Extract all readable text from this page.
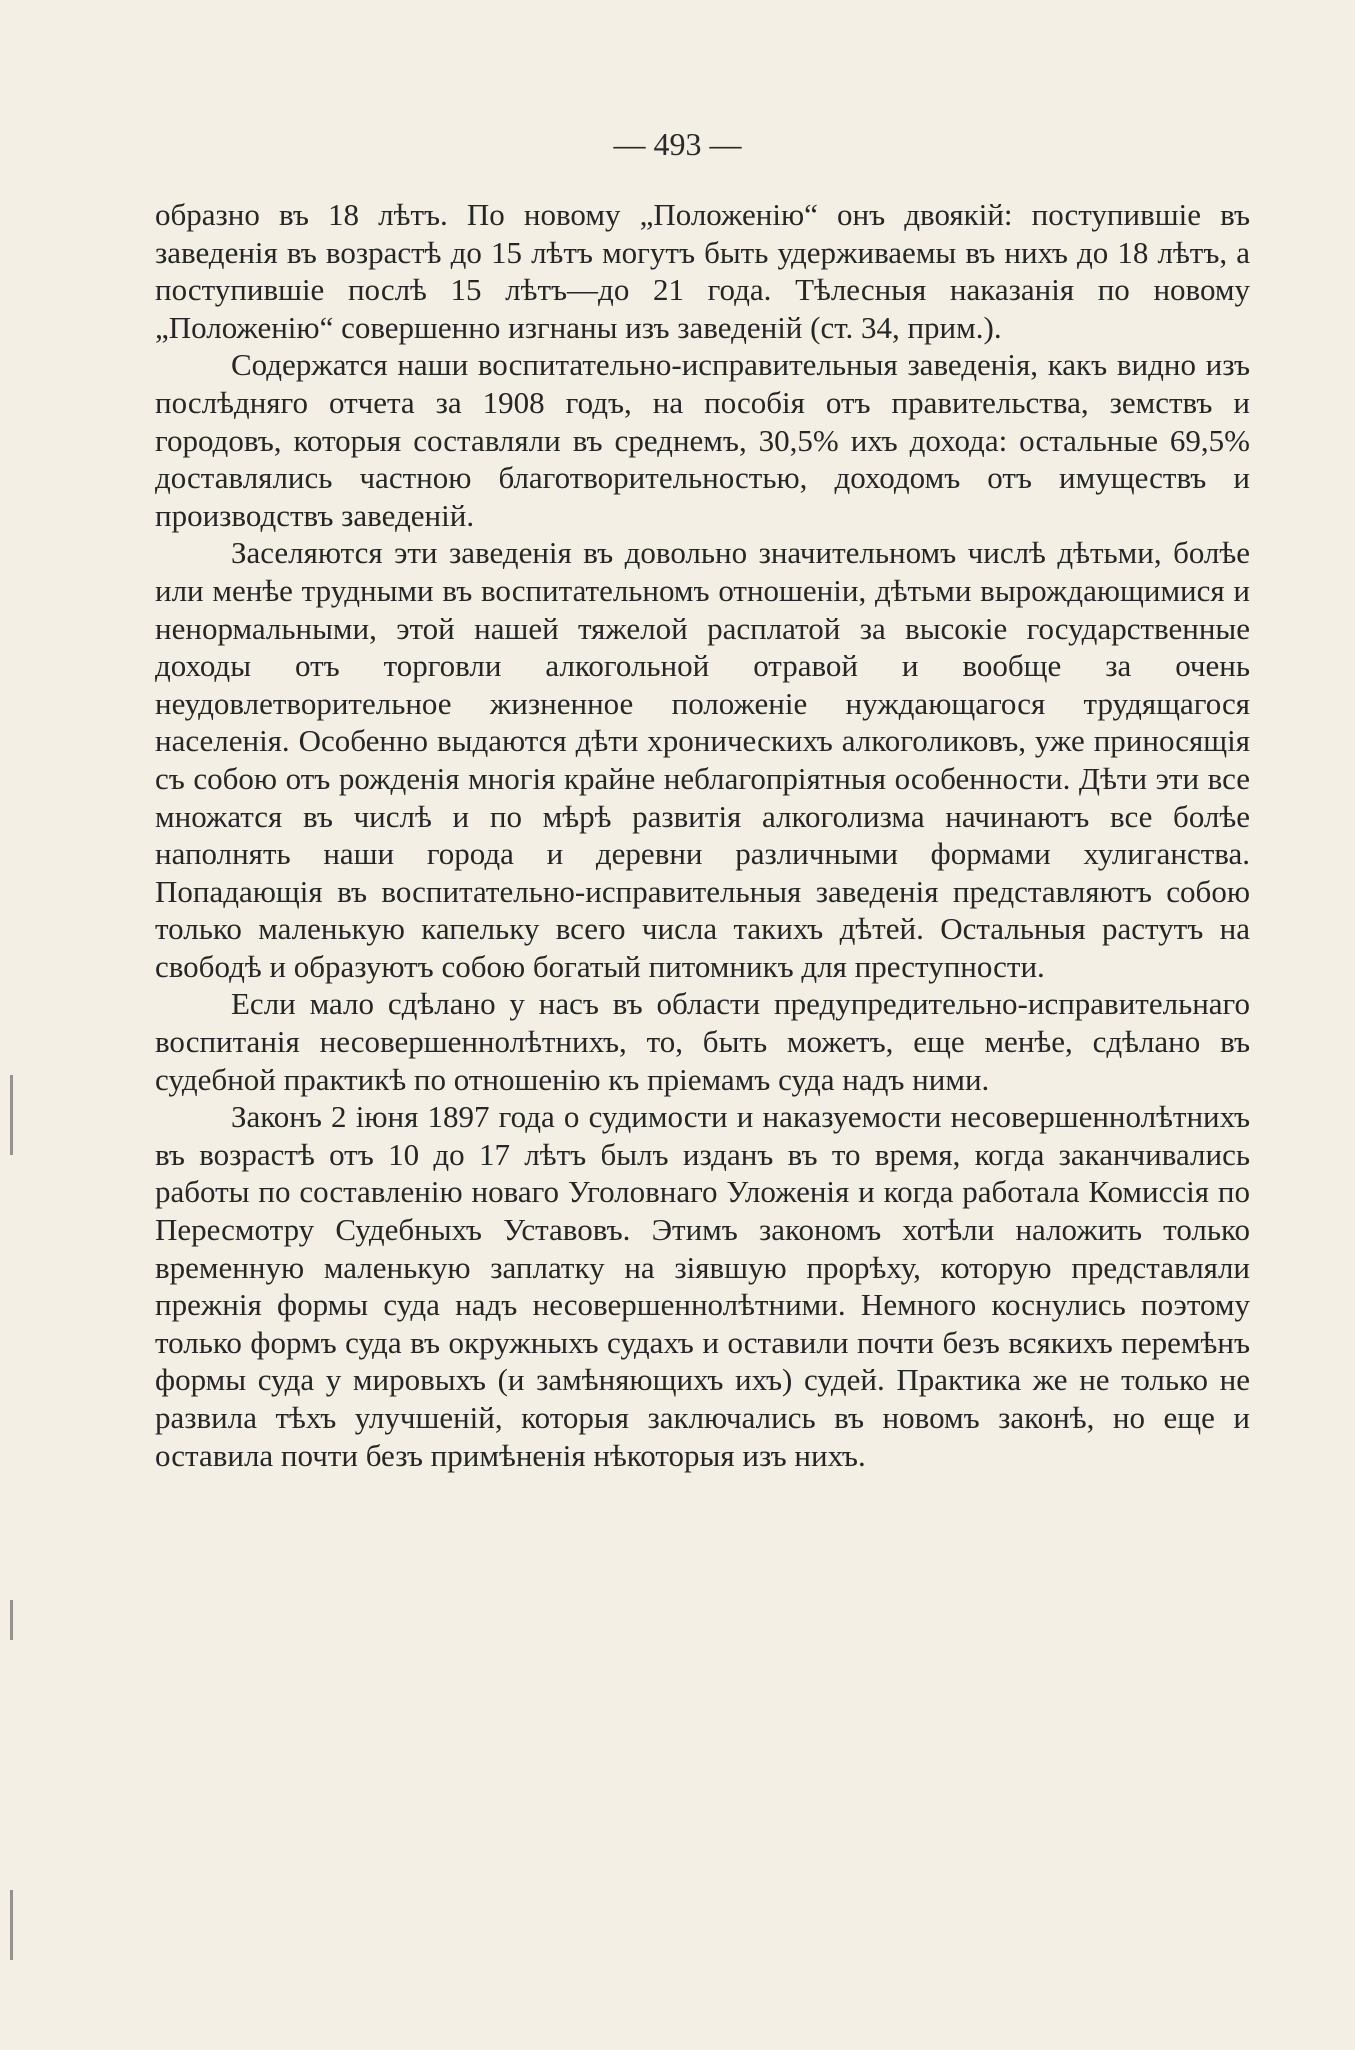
— 493 —

образно въ 18 лѣтъ. По новому „Положенію“ онъ двоякій: поступившіе въ заведенія въ возрастѣ до 15 лѣтъ могутъ быть удерживаемы въ нихъ до 18 лѣтъ, а поступившіе послѣ 15 лѣтъ—до 21 года. Тѣлесныя наказанія по новому „Положенію“ совершенно изгнаны изъ заведеній (ст. 34, прим.).

Содержатся наши воспитательно-исправительныя заведенія, какъ видно изъ послѣдняго отчета за 1908 годъ, на пособія отъ правительства, земствъ и городовъ, которыя составляли въ среднемъ, 30,5% ихъ дохода: остальные 69,5% доставлялись частною благотворительностью, доходомъ отъ имуществъ и производствъ заведеній.

Заселяются эти заведенія въ довольно значительномъ числѣ дѣтьми, болѣе или менѣе трудными въ воспитательномъ отношеніи, дѣтьми вырождающимися и ненормальными, этой нашей тяжелой расплатой за высокіе государственные доходы отъ торговли алкогольной отравой и вообще за очень неудовлетворительное жизненное положеніе нуждающагося трудящагося населенія. Особенно выдаются дѣти хроническихъ алкоголиковъ, уже приносящія съ собою отъ рожденія многія крайне неблагопріятныя особенности. Дѣти эти все множатся въ числѣ и по мѣрѣ развитія алкоголизма начинаютъ все болѣе наполнять наши города и деревни различными формами хулиганства. Попадающія въ воспитательно-исправительныя заведенія представляютъ собою только маленькую капельку всего числа такихъ дѣтей. Остальныя растутъ на свободѣ и образуютъ собою богатый питомникъ для преступности.

Если мало сдѣлано у насъ въ области предупредительно-исправительнаго воспитанія несовершеннолѣтнихъ, то, быть можетъ, еще менѣе, сдѣлано въ судебной практикѣ по отношенію къ пріемамъ суда надъ ними.

Законъ 2 іюня 1897 года о судимости и наказуемости несовершеннолѣтнихъ въ возрастѣ отъ 10 до 17 лѣтъ былъ изданъ въ то время, когда заканчивались работы по составленію новаго Уголовнаго Уложенія и когда работала Комиссія по Пересмотру Судебныхъ Уставовъ. Этимъ закономъ хотѣли наложить только временную маленькую заплатку на зіявшую прорѣху, которую представляли прежнія формы суда надъ несовершеннолѣтними. Немного коснулись поэтому только формъ суда въ окружныхъ судахъ и оставили почти безъ всякихъ перемѣнъ формы суда у мировыхъ (и замѣняющихъ ихъ) судей. Практика же не только не развила тѣхъ улучшеній, которыя заключались въ новомъ законѣ, но еще и оставила почти безъ примѣненія нѣкоторыя изъ нихъ.
